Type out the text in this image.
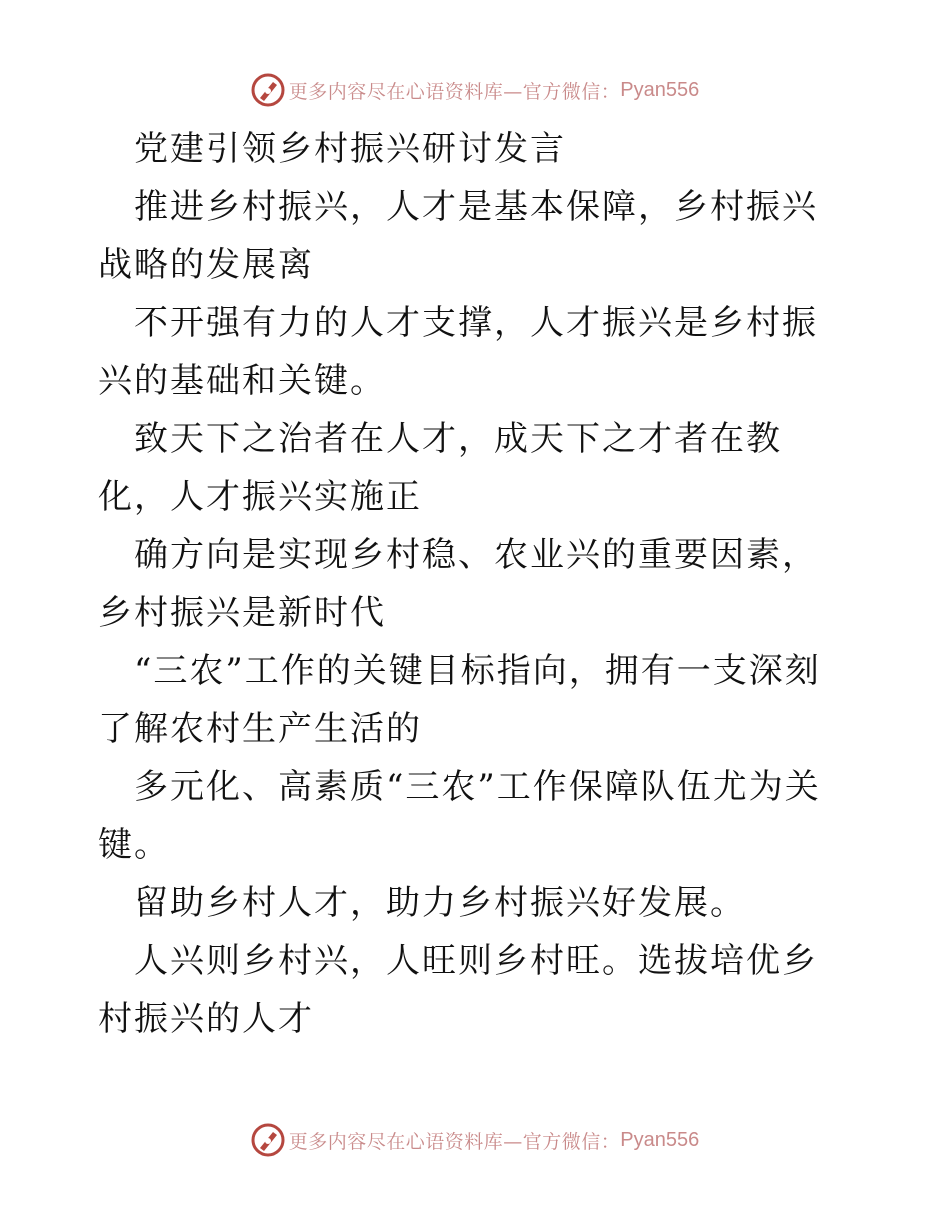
更多内容尽在心语资料库—官方微信： Pyan556

党建引领乡村振兴研讨发言

推进乡村振兴，人才是基本保障，乡村振兴战略的发展离

不开强有力的人才支撑，人才振兴是乡村振兴的基础和关键。

致天下之治者在人才，成天下之才者在教化，人才振兴实施正

确方向是实现乡村稳、农业兴的重要因素，乡村振兴是新时代

“三农”工作的关键目标指向，拥有一支深刻了解农村生产生活的

多元化、高素质“三农”工作保障队伍尤为关键。

留助乡村人才，助力乡村振兴好发展。

人兴则乡村兴，人旺则乡村旺。选拔培优乡村振兴的人才

更多内容尽在心语资料库—官方微信： Pyan556
